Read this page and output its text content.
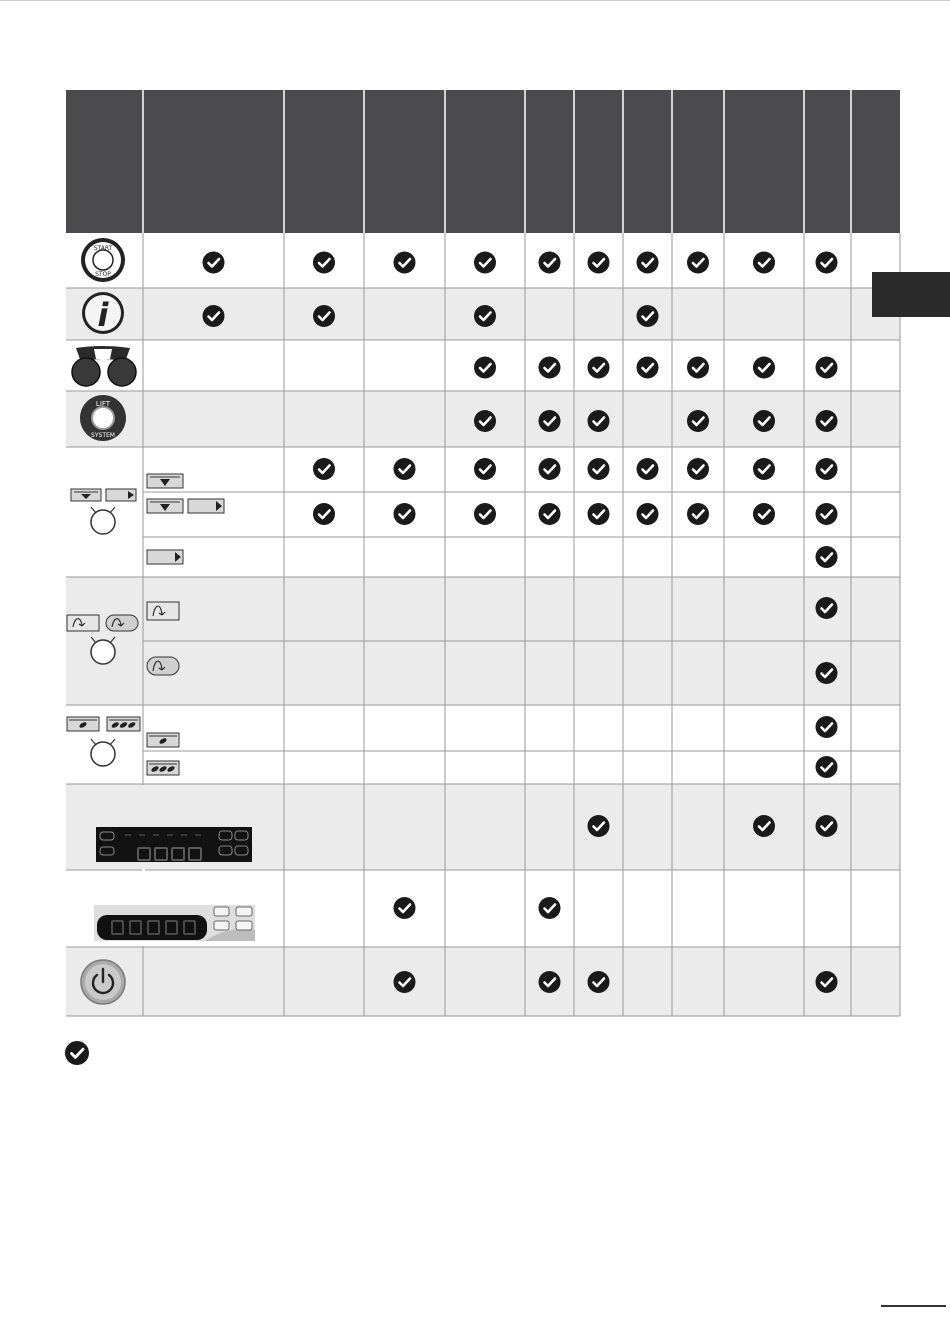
START
STOP
i
LIFT
SYSTEM
